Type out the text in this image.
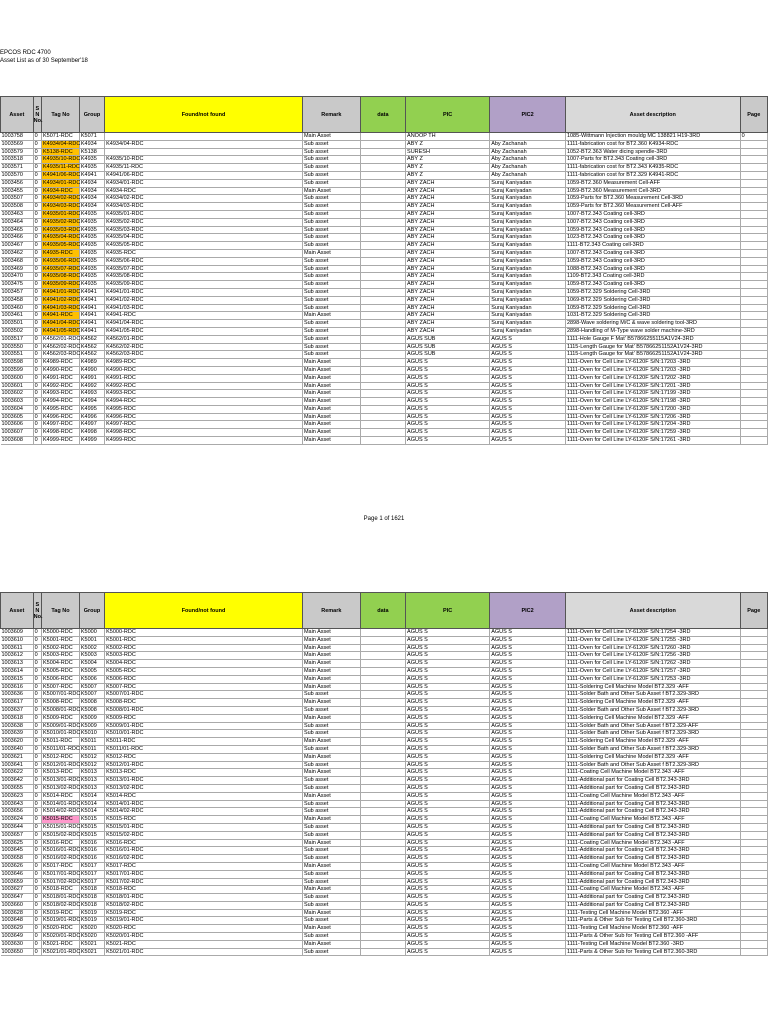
EPCOS RDC 4700
Asset List as of 30 September'18
Asset	S N No.	Tag No	Group	Found/not found	Remark	data	PIC	PIC2	Asset description	Page
1003758	0	K5071-RDC	K5071		Main Asset		ANOOP TH		1085-Wittmann Injection mouldg MC 138821 H19-3RD	0
1003569	0	K4934/04-RDC	K4934	K4934/04-RDC	Sub asset		ABY Z	Aby Zachanah	1111-fabrication cost for BT2.360 K4934-RDC	
1003579	0	K5138-RDC	K5138		Sub asset		SURESH	Aby Zachanah	1052-BT2.363 Water dicing spendle-3RD	
1003518	0	K4935/10-RDC	K4935	K4935/10-RDC	Sub asset		ABY Z	Aby Zachanah	1007-Parts for BT2.343 Coating cell-3RD	
1003571	0	K4935/11-RDC	K4935	K4935/11-RDC	Sub asset		ABY Z	Aby Zachanah	1111-fabrication cost for BT2.343 K4935-RDC	
1003570	0	K4941/06-RDC	K4941	K4941/06-RDC	Sub asset		ABY Z	Aby Zachanah	1111-fabrication cost for BT2.329 K4941-RDC	
1003456	0	K4934/01-RDC	K4934	K4934/01-RDC	Sub asset		ABY ZACH	Suraj Kaniyadan	1059-BT2.360 Measurement Cell-AFF	
1003455	0	K4934-RDC	K4934	K4934-RDC	Main Asset		ABY ZACH	Suraj Kaniyadan	1059-BT2.360 Measurement Cell-3RD	
1003507	0	K4934/02-RDC	K4934	K4934/02-RDC	Sub asset		ABY ZACH	Suraj Kaniyadan	1059-Parts for BT2.360 Measurement Cell-3RD	
1003508	0	K4934/03-RDC	K4934	K4934/03-RDC	Sub asset		ABY ZACH	Suraj Kaniyadan	1059-Parts for BT2.360 Measurement Cell-AFF	
1003463	0	K4935/01-RDC	K4935	K4935/01-RDC	Sub asset		ABY ZACH	Suraj Kaniyadan	1007-BT2.343 Coating cell-3RD	
1003464	0	K4935/02-RDC	K4935	K4935/02-RDC	Sub asset		ABY ZACH	Suraj Kaniyadan	1007-BT2.343 Coating cell-3RD	
1003465	0	K4935/03-RDC	K4935	K4935/03-RDC	Sub asset		ABY ZACH	Suraj Kaniyadan	1059-BT2.343 Coating cell-3RD	
1003466	0	K4935/04-RDC	K4935	K4935/04-RDC	Sub asset		ABY ZACH	Suraj Kaniyadan	1023-BT2.343 Coating cell-3RD	
1003467	0	K4935/05-RDC	K4935	K4935/05-RDC	Sub asset		ABY ZACH	Suraj Kaniyadan	1111-BT2.343 Coating cell-3RD	
1003462	0	K4935-RDC	K4935	K4935-RDC	Main Asset		ABY ZACH	Suraj Kaniyadan	1007-BT2.343 Coating cell-3RD	
1003468	0	K4935/06-RDC	K4935	K4935/06-RDC	Sub asset		ABY ZACH	Suraj Kaniyadan	1059-BT2.343 Coating cell-3RD	
1003469	0	K4935/07-RDC	K4935	K4935/07-RDC	Sub asset		ABY ZACH	Suraj Kaniyadan	1088-BT2.343 Coating cell-3RD	
1003470	0	K4935/08-RDC	K4935	K4935/08-RDC	Sub asset		ABY ZACH	Suraj Kaniyadan	1109-BT2.343 Coating cell-3RD	
1003475	0	K4935/09-RDC	K4935	K4935/09-RDC	Sub asset		ABY ZACH	Suraj Kaniyadan	1059-BT2.343 Coating cell-3RD	
1003457	0	K4941/01-RDC	K4941	K4941/01-RDC	Sub asset		ABY ZACH	Suraj Kaniyadan	1059-BT2.329 Soldering Cell-3RD	
1003458	0	K4941/02-RDC	K4941	K4941/02-RDC	Sub asset		ABY ZACH	Suraj Kaniyadan	1069-BT2.329 Soldering Cell-3RD	
1003460	0	K4941/03-RDC	K4941	K4941/03-RDC	Sub asset		ABY ZACH	Suraj Kaniyadan	1059-BT2.329 Soldering Cell-3RD	
1003461	0	K4941-RDC	K4941	K4941-RDC	Main Asset		ABY ZACH	Suraj Kaniyadan	1031-BT2.329 Soldering Cell-3RD	
1003501	0	K4941/04-RDC	K4941	K4941/04-RDC	Sub asset		ABY ZACH	Suraj Kaniyadan	2898-Wave soldering M/C & wave soldering tool-3RD	
1003502	0	K4941/05-RDC	K4941	K4941/05-RDC	Sub asset		ABY ZACH	Suraj Kaniyadan	2898-Handling of M-Type wave solder machine-3RD	
1003517	0	K4562/01-RDC	K4562	K4562/01-RDC	Sub asset		AGUS SUB	AGUS S	1111-Hole Gauge F Mat' B57866255115A1V24-3RD	
1003550	0	K4562/02-RDC	K4562	K4562/02-RDC	Sub asset		AGUS SUB	AGUS S	1115-Length Gauge for Mat' B57866251152A1V24-3RD	
1003551	0	K4562/03-RDC	K4562	K4562/03-RDC	Sub asset		AGUS SUB	AGUS S	1115-Length Gauge for Mat' B57866251152A1V24-3RD	
1003598	0	K4989-RDC	K4989	K4989-RDC	Main Asset		AGUS S	AGUS S	1111-Oven for Cell Line LY-6120F S/N:17203 -3RD	
1003599	0	K4990-RDC	K4990	K4990-RDC	Main Asset		AGUS S	AGUS S	1111-Oven for Cell Line LY-6120F S/N:17203 -3RD	
1003600	0	K4991-RDC	K4991	K4991-RDC	Main Asset		AGUS S	AGUS S	1111-Oven for Cell Line LY-6120F S/N:17202 -3RD	
1003601	0	K4992-RDC	K4992	K4992-RDC	Main Asset		AGUS S	AGUS S	1111-Oven for Cell Line LY-6120F S/N:17201 -3RD	
1003602	0	K4993-RDC	K4993	K4993-RDC	Main Asset		AGUS S	AGUS S	1111-Oven for Cell Line LY-6120F S/N:17199 -3RD	
1003603	0	K4994-RDC	K4994	K4994-RDC	Main Asset		AGUS S	AGUS S	1111-Oven for Cell Line LY-6120F S/N:17198 -3RD	
1003604	0	K4995-RDC	K4995	K4995-RDC	Main Asset		AGUS S	AGUS S	1111-Oven for Cell Line LY-6120F S/N:17200 -3RD	
1003605	0	K4996-RDC	K4996	K4996-RDC	Main Asset		AGUS S	AGUS S	1111-Oven for Cell Line LY-6120F S/N:17206 -3RD	
1003606	0	K4997-RDC	K4997	K4997-RDC	Main Asset		AGUS S	AGUS S	1111-Oven for Cell Line LY-6120F S/N:17204 -3RD	
1003607	0	K4998-RDC	K4998	K4998-RDC	Main Asset		AGUS S	AGUS S	1111-Oven for Cell Line LY-6120F S/N:17259 -3RD	
1003608	0	K4999-RDC	K4999	K4999-RDC	Main Asset		AGUS S	AGUS S	1111-Oven for Cell Line LY-6120F S/N:17261 -3RD	
Page 1 of 1621
Asset	S N No.	Tag No	Group	Found/not found	Remark	data	PIC	PIC2	Asset description	Page
1003609	0	K5000-RDC	K5000	K5000-RDC	Main Asset		AGUS S	AGUS S	1111-Oven for Cell Line LY-6120F S/N:17254 -3RD	
1003610	0	K5001-RDC	K5001	K5001-RDC	Main Asset		AGUS S	AGUS S	1111-Oven for Cell Line LY-6120F S/N:17255 -3RD	
1003611	0	K5002-RDC	K5002	K5002-RDC	Main Asset		AGUS S	AGUS S	1111-Oven for Cell Line LY-6120F S/N:17260 -3RD	
1003612	0	K5003-RDC	K5003	K5003-RDC	Main Asset		AGUS S	AGUS S	1111-Oven for Cell Line LY-6120F S/N:17256 -3RD	
1003613	0	K5004-RDC	K5004	K5004-RDC	Main Asset		AGUS S	AGUS S	1111-Oven for Cell Line LY-6120F S/N:17262 -3RD	
1003614	0	K5005-RDC	K5005	K5005-RDC	Main Asset		AGUS S	AGUS S	1111-Oven for Cell Line LY-6120F S/N:17257 -3RD	
1003615	0	K5006-RDC	K5006	K5006-RDC	Main Asset		AGUS S	AGUS S	1111-Oven for Cell Line LY-6120F S/N:17253 -3RD	
1003616	0	K5007-RDC	K5007	K5007-RDC	Main Asset		AGUS S	AGUS S	1111-Soldering Cell Machine Model BT2.329 -AFF	
1003636	0	K5007/01-RDC	K5007	K5007/01-RDC	Sub asset		AGUS S	AGUS S	1111-Solder Bath and Other Sub Asset f BT2.329-3RD	
1003617	0	K5008-RDC	K5008	K5008-RDC	Main Asset		AGUS S	AGUS S	1111-Soldering Cell Machine Model BT2.329 -AFF	
1003637	0	K5008/01-RDC	K5008	K5008/01-RDC	Sub asset		AGUS S	AGUS S	1111-Solder Bath and Other Sub Asset f BT2.329-3RD	
1003618	0	K5009-RDC	K5009	K5009-RDC	Main Asset		AGUS S	AGUS S	1111-Soldering Cell Machine Model BT2.329 -AFF	
1003638	0	K5009/01-RDC	K5009	K5009/01-RDC	Sub asset		AGUS S	AGUS S	1111-Solder Bath and Other Sub Asset f BT2.329-AFF	
1003639	0	K5010/01-RDC	K5010	K5010/01-RDC	Sub asset		AGUS S	AGUS S	1111-Solder Bath and Other Sub Asset f BT2.329-3RD	
1003620	0	K5011-RDC	K5011	K5011-RDC	Main Asset		AGUS S	AGUS S	1111-Soldering Cell Machine Model BT2.329 -AFF	
1003640	0	K5011/01-RDC	K5011	K5011/01-RDC	Sub asset		AGUS S	AGUS S	1111-Solder Bath and Other Sub Asset f BT2.329-3RD	
1003621	0	K5012-RDC	K5012	K5012-RDC	Main Asset		AGUS S	AGUS S	1111-Soldering Cell Machine Model BT2.329 -AFF	
1003641	0	K5012/01-RDC	K5012	K5012/01-RDC	Sub asset		AGUS S	AGUS S	1111-Solder Bath and Other Sub Asset f BT2.329-3RD	
1003622	0	K5013-RDC	K5013	K5013-RDC	Main Asset		AGUS S	AGUS S	1111-Coating Cell Machine Model BT2.343 -AFF	
1003642	0	K5013/01-RDC	K5013	K5013/01-RDC	Sub asset		AGUS S	AGUS S	1111-Additional part for Coating Cell BT2.343-3RD	
1003655	0	K5013/02-RDC	K5013	K5013/02-RDC	Sub asset		AGUS S	AGUS S	1111-Additional part for Coating Cell BT2.343-3RD	
1003623	0	K5014-RDC	K5014	K5014-RDC	Main Asset		AGUS S	AGUS S	1111-Coating Cell Machine Model BT2.343 -AFF	
1003643	0	K5014/01-RDC	K5014	K5014/01-RDC	Sub asset		AGUS S	AGUS S	1111-Additional part for Coating Cell BT2.343-3RD	
1003656	0	K5014/02-RDC	K5014	K5014/02-RDC	Sub asset		AGUS S	AGUS S	1111-Additional part for Coating Cell BT2.343-3RD	
1003624	0	K5015-RDC	K5015	K5015-RDC	Main Asset		AGUS S	AGUS S	1111-Coating Cell Machine Model BT2.343 -AFF	
1003644	0	K5015/01-RDC	K5015	K5015/01-RDC	Sub asset		AGUS S	AGUS S	1111-Additional part for Coating Cell BT2.343-3RD	
1003657	0	K5015/02-RDC	K5015	K5015/02-RDC	Sub asset		AGUS S	AGUS S	1111-Additional part for Coating Cell BT2.343-3RD	
1003625	0	K5016-RDC	K5016	K5016-RDC	Main Asset		AGUS S	AGUS S	1111-Coating Cell Machine Model BT2.343 -AFF	
1003645	0	K5016/01-RDC	K5016	K5016/01-RDC	Sub asset		AGUS S	AGUS S	1111-Additional part for Coating Cell BT2.343-3RD	
1003658	0	K5016/02-RDC	K5016	K5016/02-RDC	Sub asset		AGUS S	AGUS S	1111-Additional part for Coating Cell BT2.343-3RD	
1003626	0	K5017-RDC	K5017	K5017-RDC	Main Asset		AGUS S	AGUS S	1111-Coating Cell Machine Model BT2.343 -AFF	
1003646	0	K5017/01-RDC	K5017	K5017/01-RDC	Sub asset		AGUS S	AGUS S	1111-Additional part for Coating Cell BT2.343-3RD	
1003659	0	K5017/02-RDC	K5017	K5017/02-RDC	Sub asset		AGUS S	AGUS S	1111-Additional part for Coating Cell BT2.343-3RD	
1003627	0	K5018-RDC	K5018	K5018-RDC	Main Asset		AGUS S	AGUS S	1111-Coating Cell Machine Model BT2.343 -AFF	
1003647	0	K5018/01-RDC	K5018	K5018/01-RDC	Sub asset		AGUS S	AGUS S	1111-Additional part for Coating Cell BT2.343-3RD	
1003660	0	K5018/02-RDC	K5018	K5018/02-RDC	Sub asset		AGUS S	AGUS S	1111-Additional part for Coating Cell BT2.343-3RD	
1003628	0	K5019-RDC	K5019	K5019-RDC	Main Asset		AGUS S	AGUS S	1111-Testing Cell Machine Model BT2.360 -AFF	
1003648	0	K5019/01-RDC	K5019	K5019/01-RDC	Sub asset		AGUS S	AGUS S	1111-Parts & Other Sub for Testing Cell BT2.360-3RD	
1003629	0	K5020-RDC	K5020	K5020-RDC	Main Asset		AGUS S	AGUS S	1111-Testing Cell Machine Model BT2.360 -AFF	
1003649	0	K5020/01-RDC	K5020	K5020/01-RDC	Sub asset		AGUS S	AGUS S	1111-Parts & Other Sub for Testing Cell BT2.360 -AFF	
1003630	0	K5021-RDC	K5021	K5021-RDC	Main Asset		AGUS S	AGUS S	1111-Testing Cell Machine Model BT2.360 -3RD	
1003650	0	K5021/01-RDC	K5021	K5021/01-RDC	Sub asset		AGUS S	AGUS S	1111-Parts & Other Sub for Testing Cell BT2.360-3RD	
